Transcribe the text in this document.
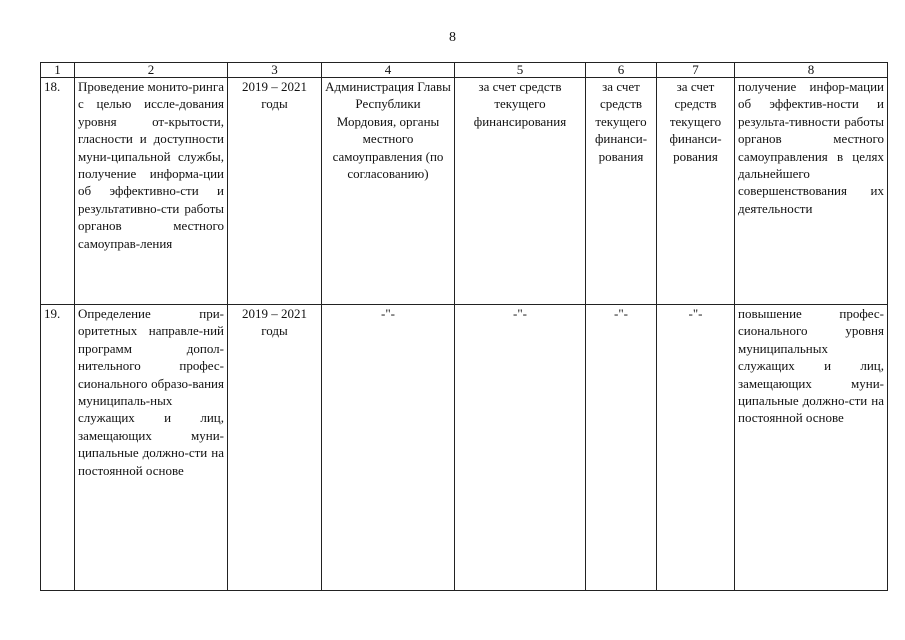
8
1	2	3	4	5	6	7	8
18.	Проведение монито-ринга с целью иссле-дования уровня от-крытости, гласности и доступности муни-ципальной службы, получение информа-ции об эффективно-сти и результативно-сти работы органов местного самоуправ-ления	2019 – 2021 годы	Администрация Главы Республики Мордовия, органы местного самоуправления (по согласованию)	за счет средств текущего финансирования	за счет средств текущего финанси-рования	за счет средств текущего финанси-рования	получение инфор-мации об эффектив-ности и результа-тивности работы органов местного самоуправления в целях дальнейшего совершенствования их деятельности
19.	Определение при-оритетных направле-ний программ допол-нительного профес-сионального образо-вания муниципаль-ных служащих и лиц, замещающих муни-ципальные должно-сти на постоянной основе	2019 – 2021 годы	-"-	-"-	-"-	-"-	повышение профес-сионального уровня муниципальных служащих и лиц, замещающих муни-ципальные должно-сти на постоянной основе
